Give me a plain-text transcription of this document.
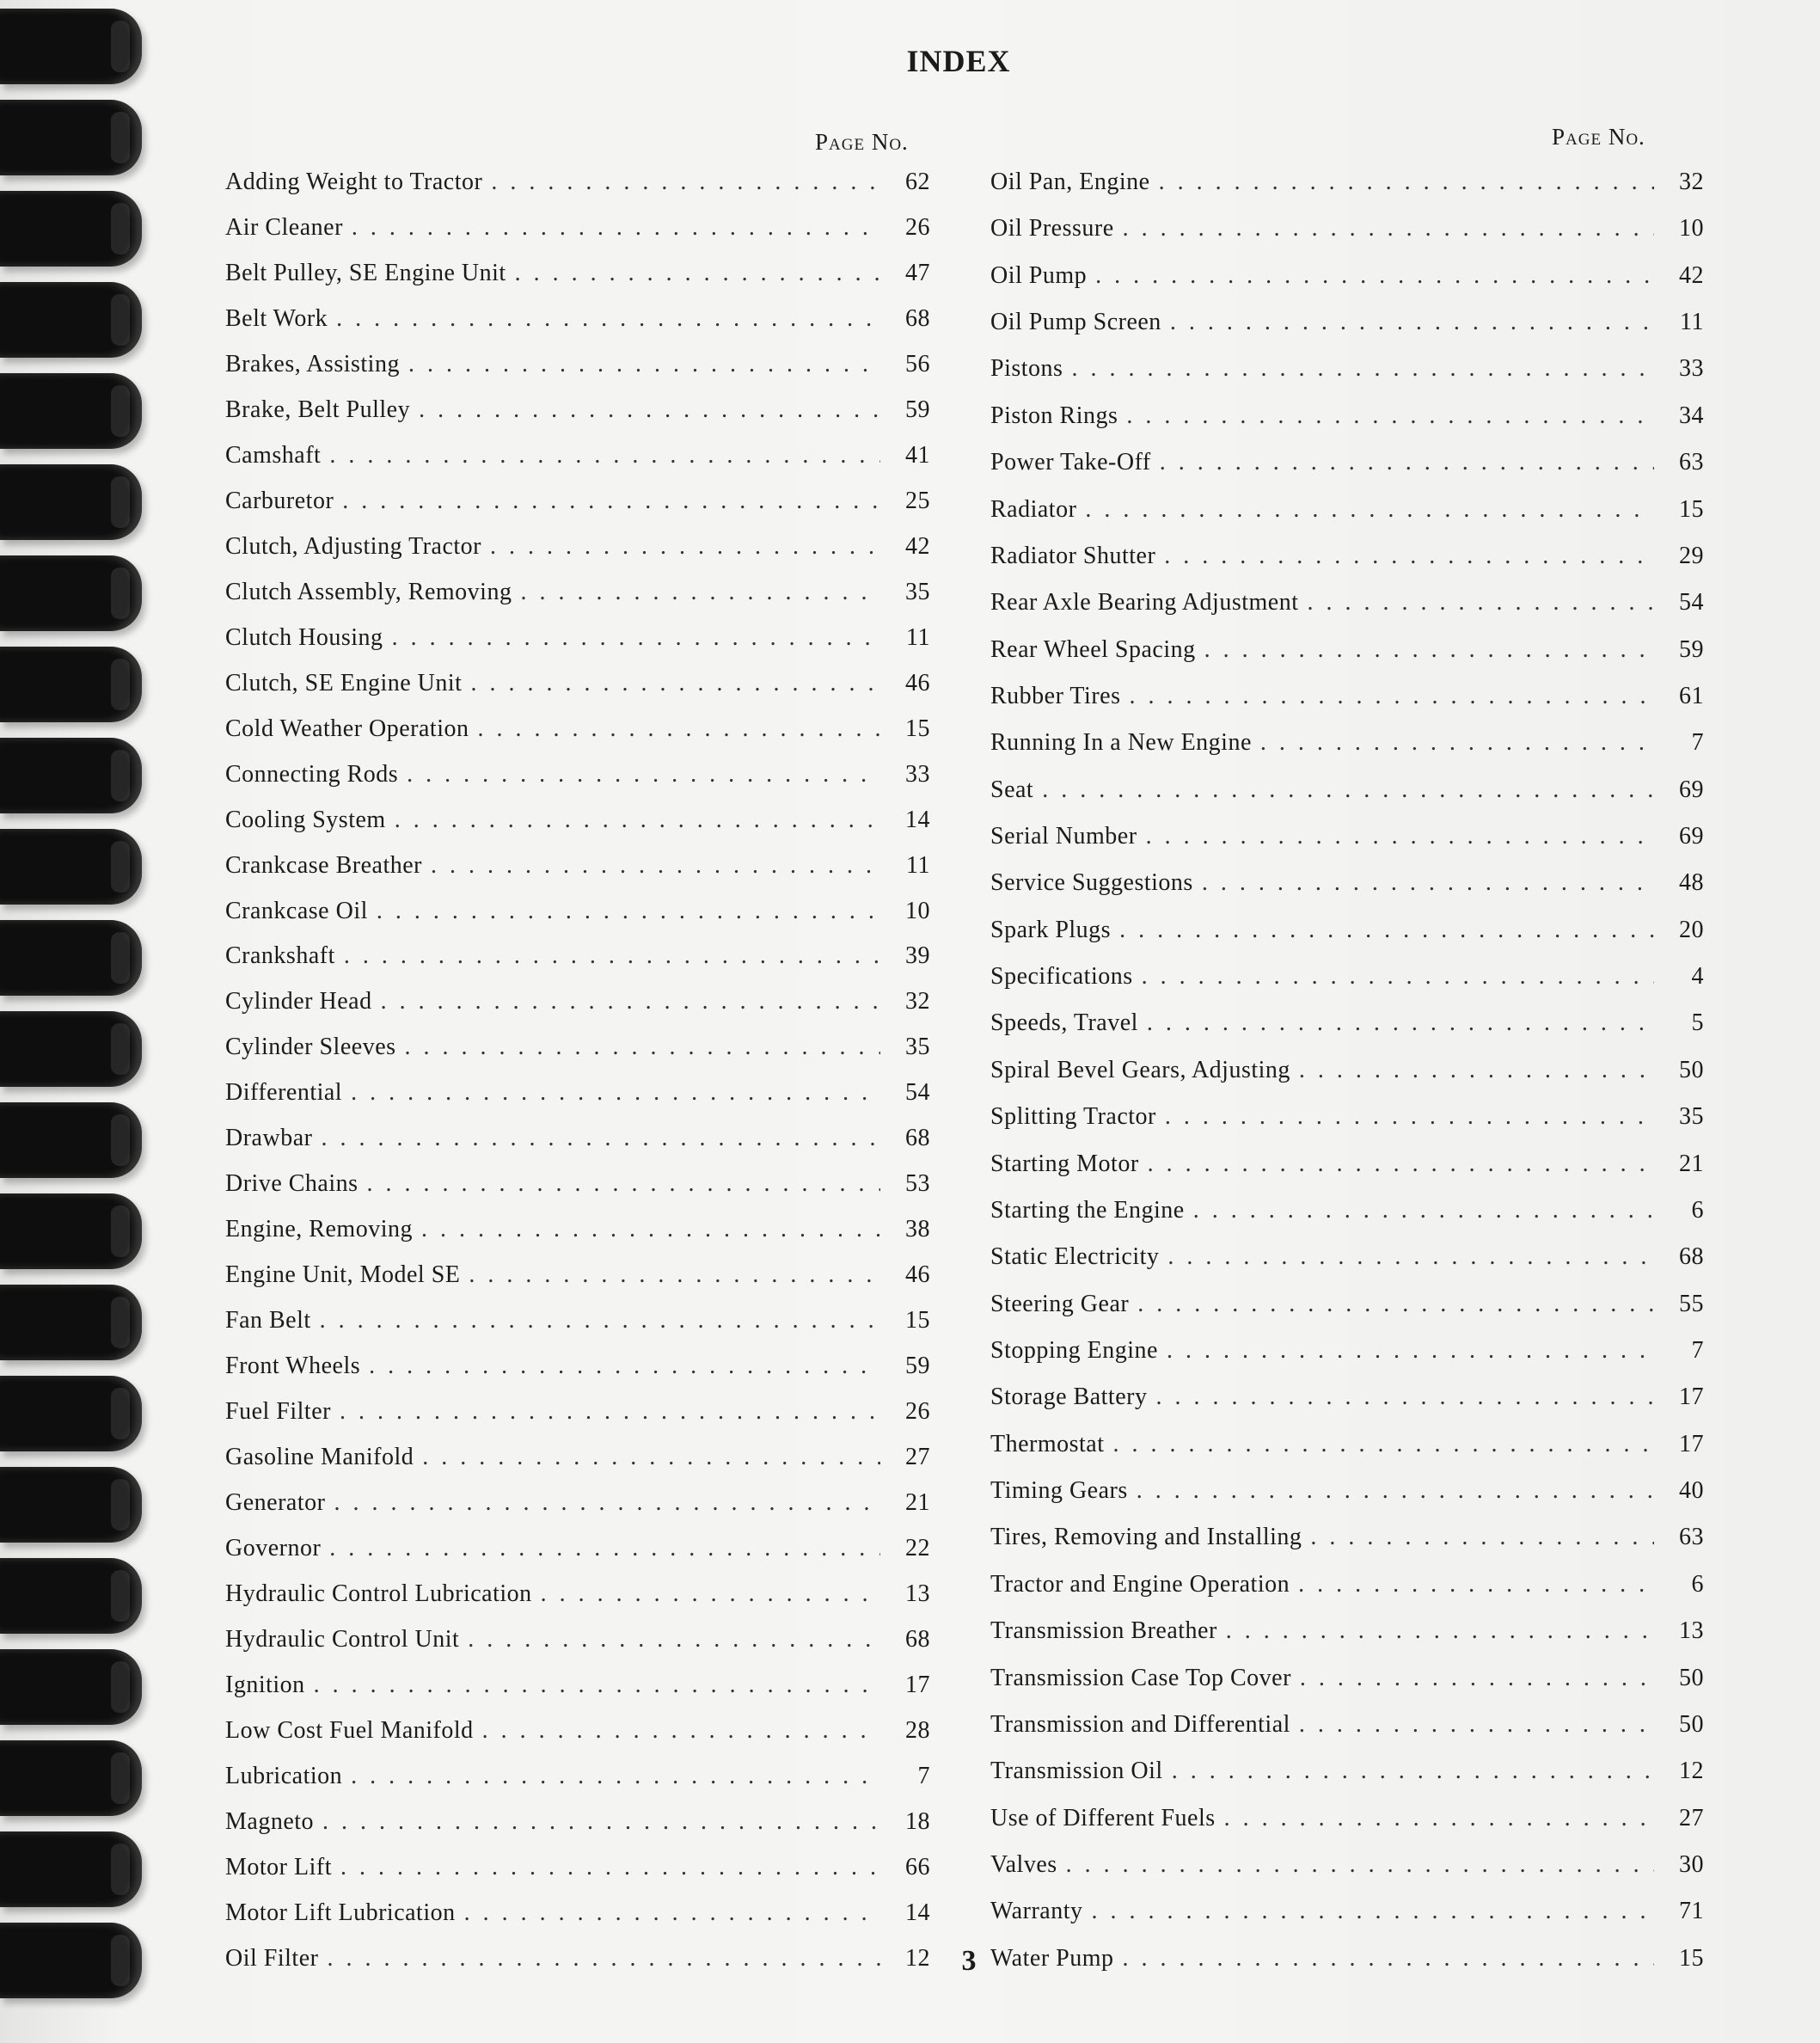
INDEX
Page No.	Page No.
Adding Weight to Tractor . . .	62
Air Cleaner . . .	26
Belt Pulley, SE Engine Unit . . .	47
Belt Work . . .	68
Brakes, Assisting . . .	56
Brake, Belt Pulley . . .	59
Camshaft . . .	41
Carburetor . . .	25
Clutch, Adjusting Tractor . . .	42
Clutch Assembly, Removing . . .	35
Clutch Housing . . .	11
Clutch, SE Engine Unit . . .	46
Cold Weather Operation . . .	15
Connecting Rods . . .	33
Cooling System . . .	14
Crankcase Breather . . .	11
Crankcase Oil . . .	10
Crankshaft . . .	39
Cylinder Head . . .	32
Cylinder Sleeves . . .	35
Differential . . .	54
Drawbar . . .	68
Drive Chains . . .	53
Engine, Removing . . .	38
Engine Unit, Model SE . . .	46
Fan Belt . . .	15
Front Wheels . . .	59
Fuel Filter . . .	26
Gasoline Manifold . . .	27
Generator . . .	21
Governor . . .	22
Hydraulic Control Lubrication . . .	13
Hydraulic Control Unit . . .	68
Ignition . . .	17
Low Cost Fuel Manifold . . .	28
Lubrication . . .	7
Magneto . . .	18
Motor Lift . . .	66
Motor Lift Lubrication . . .	14
Oil Filter . . .	12
Oil Pan, Engine . . .	32
Oil Pressure . . .	10
Oil Pump . . .	42
Oil Pump Screen . . .	11
Pistons . . .	33
Piston Rings . . .	34
Power Take-Off . . .	63
Radiator . . .	15
Radiator Shutter . . .	29
Rear Axle Bearing Adjustment . . .	54
Rear Wheel Spacing . . .	59
Rubber Tires . . .	61
Running In a New Engine . . .	7
Seat . . .	69
Serial Number . . .	69
Service Suggestions . . .	48
Spark Plugs . . .	20
Specifications . . .	4
Speeds, Travel . . .	5
Spiral Bevel Gears, Adjusting . . .	50
Splitting Tractor . . .	35
Starting Motor . . .	21
Starting the Engine . . .	6
Static Electricity . . .	68
Steering Gear . . .	55
Stopping Engine . . .	7
Storage Battery . . .	17
Thermostat . . .	17
Timing Gears . . .	40
Tires, Removing and Installing . . .	63
Tractor and Engine Operation . . .	6
Transmission Breather . . .	13
Transmission Case Top Cover . . .	50
Transmission and Differential . . .	50
Transmission Oil . . .	12
Use of Different Fuels . . .	27
Valves . . .	30
Warranty . . .	71
Water Pump . . .	15
3
